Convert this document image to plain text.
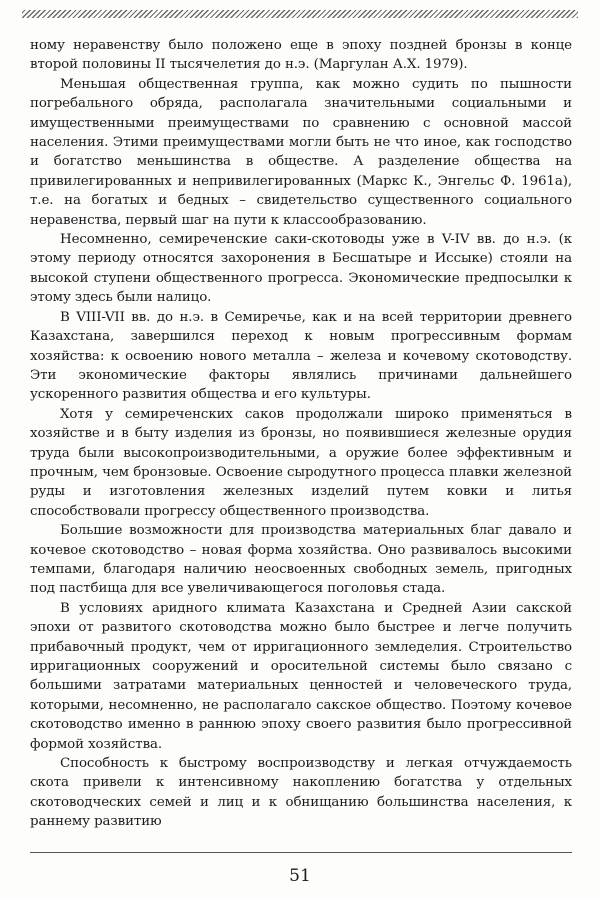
ному неравенству было положено еще в эпоху поздней бронзы в конце второй половины II тысячелетия до н.э. (Маргулан А.Х. 1979).

Меньшая общественная группа, как можно судить по пышности погребального обряда, располагала значительными социальными и имущественными преимуществами по сравнению с основной массой населения. Этими преимуществами могли быть не что иное, как господство и богатство меньшинства в обществе. А разделение общества на привилегированных и непривилегированных (Маркс К., Энгельс Ф. 1961а), т.е. на богатых и бедных – свидетельство существенного социального неравенства, первый шаг на пути к классообразованию.

Несомненно, семиреченские саки-скотоводы уже в V-IV вв. до н.э. (к этому периоду относятся захоронения в Бесшатыре и Иссыке) стояли на высокой ступени общественного прогресса. Экономические предпосылки к этому здесь были налицо.

В VIII-VII вв. до н.э. в Семиречье, как и на всей территории древнего Казахстана, завершился переход к новым прогрессивным формам хозяйства: к освоению нового металла – железа и кочевому скотоводству. Эти экономические факторы являлись причинами дальнейшего ускоренного развития общества и его культуры.

Хотя у семиреченских саков продолжали широко применяться в хозяйстве и в быту изделия из бронзы, но появившиеся железные орудия труда были высокопроизводительными, а оружие более эффективным и прочным, чем бронзовые. Освоение сыродутного процесса плавки железной руды и изготовления железных изделий путем ковки и литья способствовали прогрессу общественного производства.

Большие возможности для производства материальных благ давало и кочевое скотоводство – новая форма хозяйства. Оно развивалось высокими темпами, благодаря наличию неосвоенных свободных земель, пригодных под пастбища для все увеличивающегося поголовья стада.

В условиях аридного климата Казахстана и Средней Азии сакской эпохи от развитого скотоводства можно было быстрее и легче получить прибавочный продукт, чем от ирригационного земледелия. Строительство ирригационных сооружений и оросительной системы было связано с большими затратами материальных ценностей и человеческого труда, которыми, несомненно, не располагало сакское общество. Поэтому кочевое скотоводство именно в раннюю эпоху своего развития было прогрессивной формой хозяйства.

Способность к быстрому воспроизводству и легкая отчуждаемость скота привели к интенсивному накоплению богатства у отдельных скотоводческих семей и лиц и к обнищанию большинства населения, к раннему развитию

51
